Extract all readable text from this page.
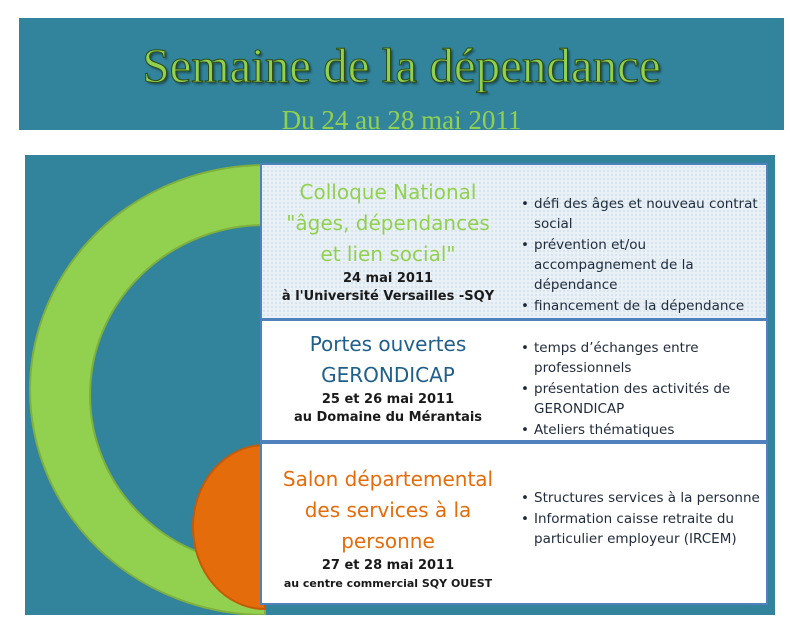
Semaine de la dépendance
Du 24 au 28 mai 2011
Colloque National
"âges, dépendances
et lien social"
24 mai 2011
à l'Université Versailles -SQY
• défi des âges et nouveau contrat social
• prévention et/ou accompagnement de la dépendance
• financement de la dépendance
Portes ouvertes
GERONDICAP
25 et 26 mai 2011
au Domaine du Mérantais
• temps d’échanges entre professionnels
• présentation des activités de GERONDICAP
• Ateliers thématiques
Salon départemental
des services à la
personne
27 et 28 mai 2011
au centre commercial SQY OUEST
• Structures services à la personne
• Information caisse retraite du particulier employeur (IRCEM)
